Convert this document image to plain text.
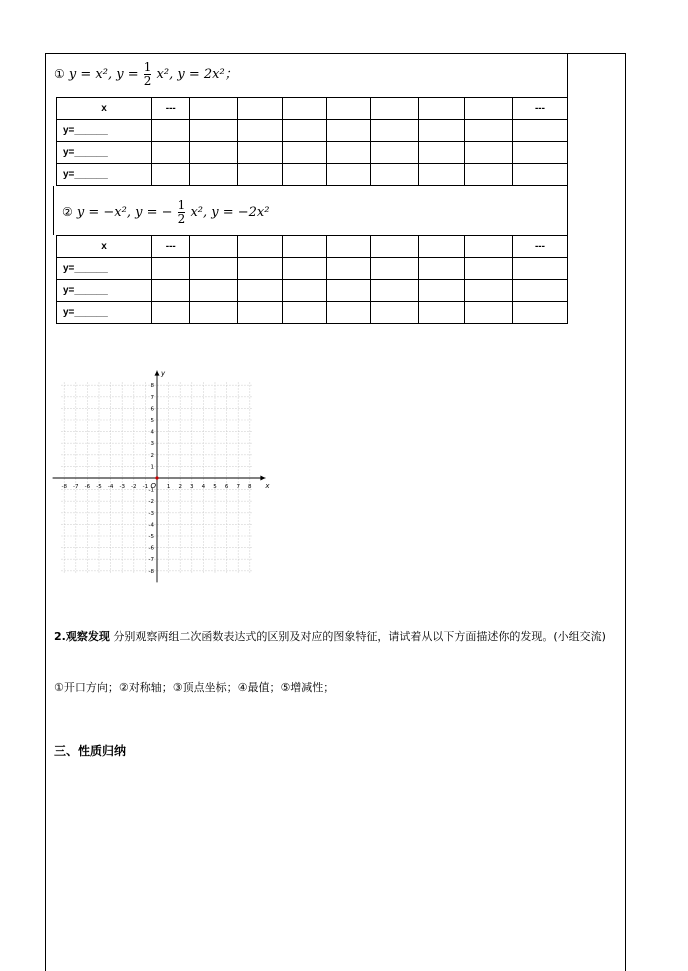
① y = x², $y = \frac{1}{2} x^2$, y = 2x²；
x	---								---
y=______									
y=______									
y=______									
② y = −x², y = − $\frac{1}{2} x^2$, y = −2x²
x	---								---
y=______									
y=______									
y=______									
-8 -7 -6 -5 -4 -3 -2 -1	1 2 3 4 5 6 7 8
8
7
6
5
4
3
2
1
-1
-2
-3
-4
-5
-6
-7
-8
O	x
y
2.观察发现 分别观察两组二次函数表达式的区别及对应的图象特征，请试着从以下方面描述你的发现。(小组交流)
①开口方向；②对称轴；③顶点坐标；④最值；⑤增减性；
三、性质归纳
